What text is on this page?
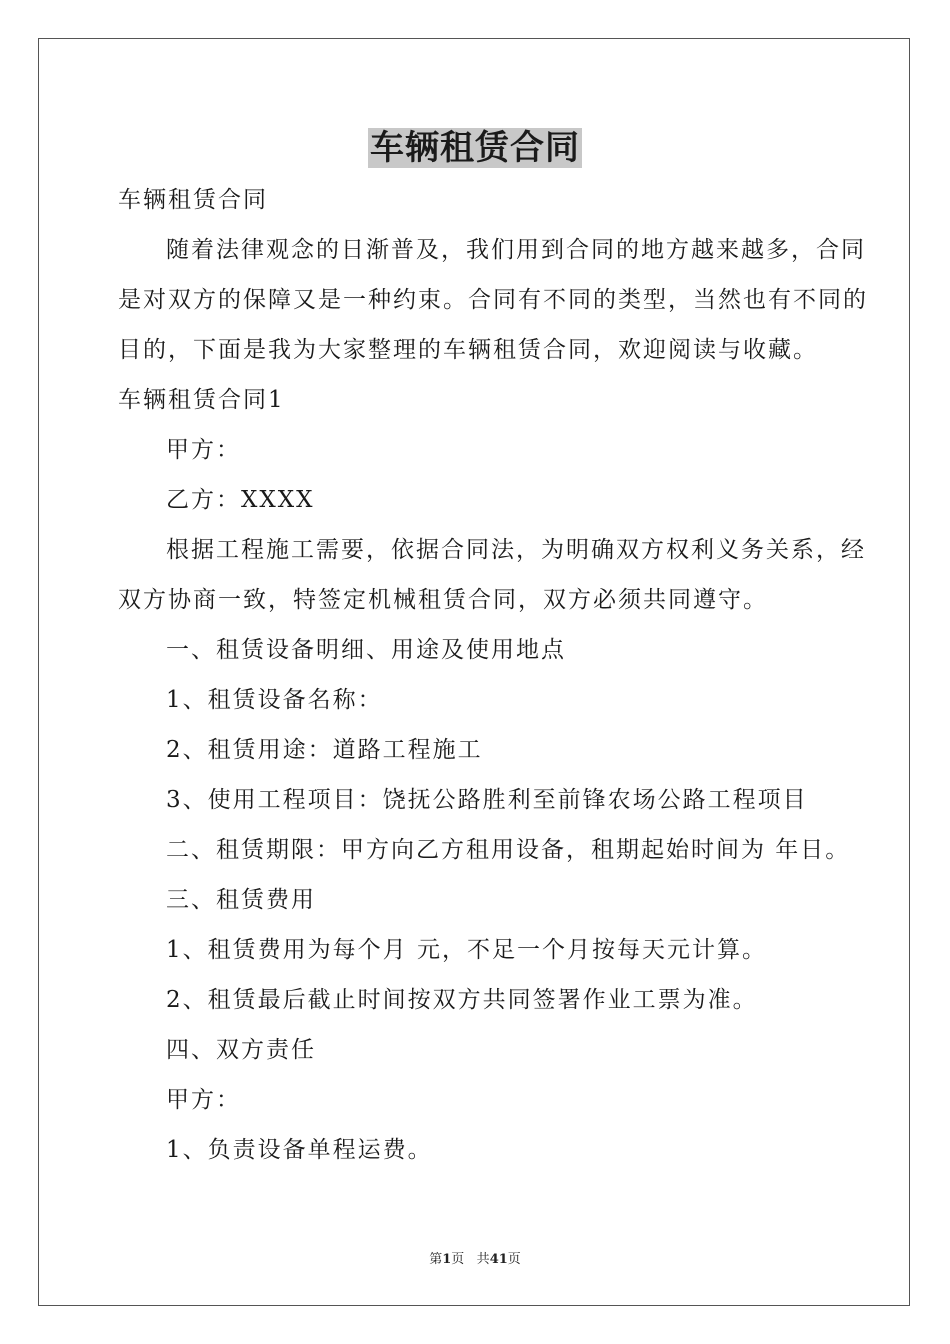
车辆租赁合同
车辆租赁合同
随着法律观念的日渐普及，我们用到合同的地方越来越多，合同
是对双方的保障又是一种约束。合同有不同的类型，当然也有不同的
目的，下面是我为大家整理的车辆租赁合同，欢迎阅读与收藏。
车辆租赁合同1
甲方：
乙方：XXXX
根据工程施工需要，依据合同法，为明确双方权利义务关系，经
双方协商一致，特签定机械租赁合同，双方必须共同遵守。
一、租赁设备明细、用途及使用地点
1、租赁设备名称：
2、租赁用途：道路工程施工
3、使用工程项目：饶抚公路胜利至前锋农场公路工程项目
二、租赁期限：甲方向乙方租用设备，租期起始时间为 年日。
三、租赁费用
1、租赁费用为每个月 元，不足一个月按每天元计算。
2、租赁最后截止时间按双方共同签署作业工票为准。
四、双方责任
甲方：
1、负责设备单程运费。
第1页 共41页
